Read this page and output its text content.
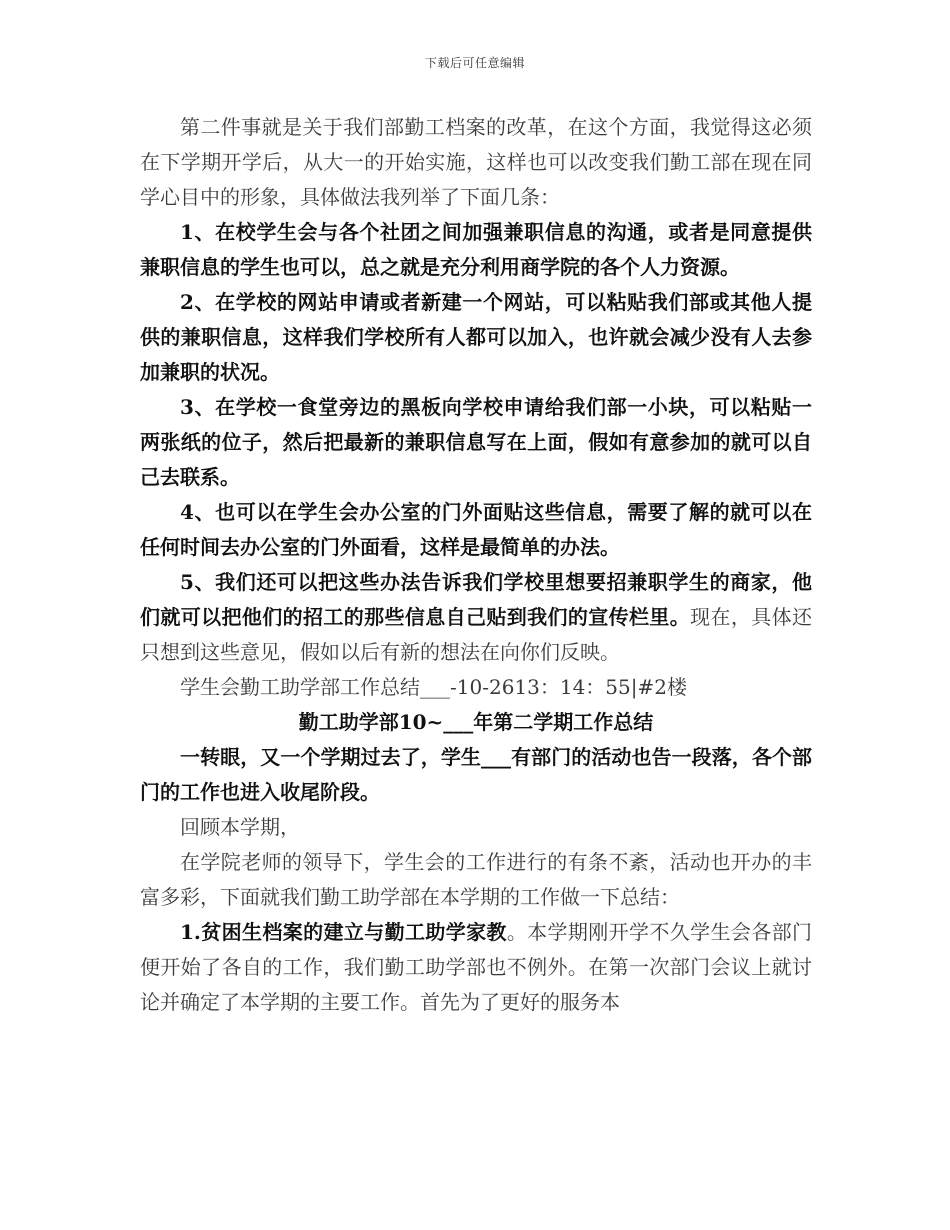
下载后可任意编辑

第二件事就是关于我们部勤工档案的改革，在这个方面，我觉得这必须在下学期开学后，从大一的开始实施，这样也可以改变我们勤工部在现在同学心目中的形象，具体做法我列举了下面几条：

1、在校学生会与各个社团之间加强兼职信息的沟通，或者是同意提供兼职信息的学生也可以，总之就是充分利用商学院的各个人力资源。

2、在学校的网站申请或者新建一个网站，可以粘贴我们部或其他人提供的兼职信息，这样我们学校所有人都可以加入，也许就会减少没有人去参加兼职的状况。

3、在学校一食堂旁边的黑板向学校申请给我们部一小块，可以粘贴一两张纸的位子，然后把最新的兼职信息写在上面，假如有意参加的就可以自己去联系。

4、也可以在学生会办公室的门外面贴这些信息，需要了解的就可以在任何时间去办公室的门外面看，这样是最简单的办法。

5、我们还可以把这些办法告诉我们学校里想要招兼职学生的商家，他们就可以把他们的招工的那些信息自己贴到我们的宣传栏里。现在，具体还只想到这些意见，假如以后有新的想法在向你们反映。

学生会勤工助学部工作总结___-10-2613：14：55|#2楼

勤工助学部10~___年第二学期工作总结

一转眼，又一个学期过去了，学生___有部门的活动也告一段落，各个部门的工作也进入收尾阶段。

回顾本学期，

在学院老师的领导下，学生会的工作进行的有条不紊，活动也开办的丰富多彩，下面就我们勤工助学部在本学期的工作做一下总结：

1.贫困生档案的建立与勤工助学家教。本学期刚开学不久学生会各部门便开始了各自的工作，我们勤工助学部也不例外。在第一次部门会议上就讨论并确定了本学期的主要工作。首先为了更好的服务本
